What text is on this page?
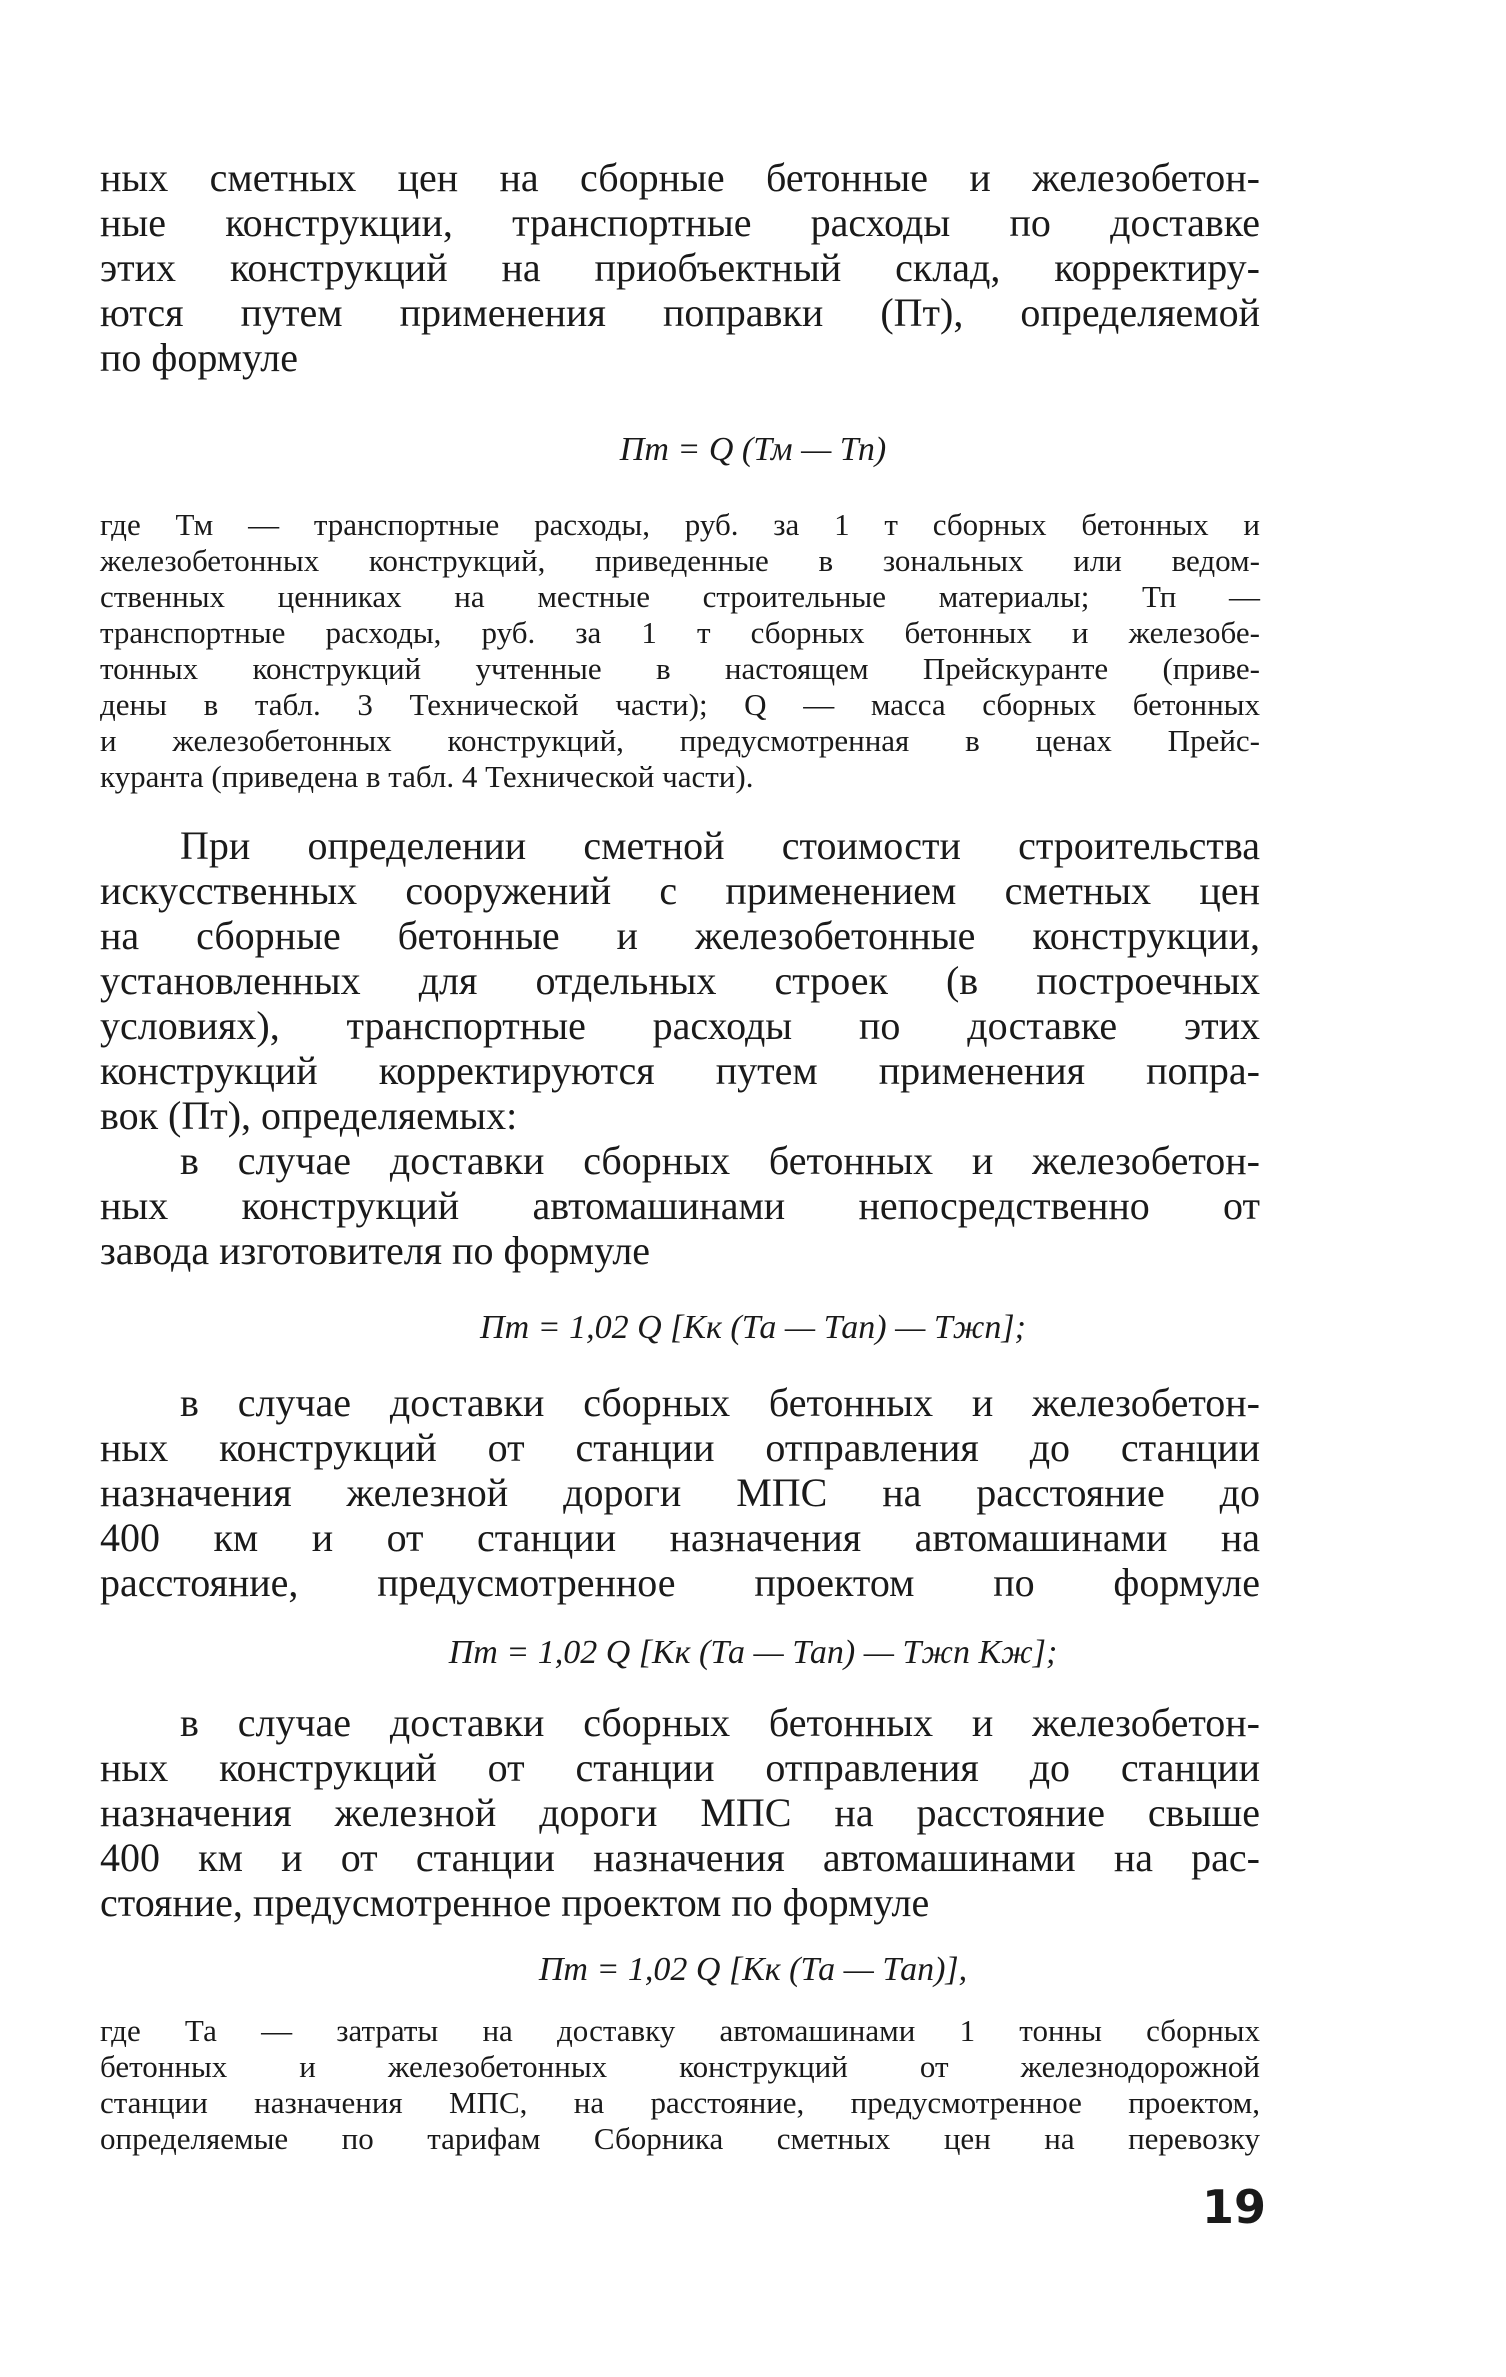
ных сметных цен на сборные бетонные и железобетон-
ные конструкции, транспортные расходы по доставке
этих конструкций на приобъектный склад, корректиру-
ются путем применения поправки (Пт), определяемой
по формуле
Пт = Q (Тм — Тп)
где Тм — транспортные расходы, руб. за 1 т сборных бетонных и
железобетонных конструкций, приведенные в зональных или ведом-
ственных ценниках на местные строительные материалы; Тп —
транспортные расходы, руб. за 1 т сборных бетонных и железобе-
тонных конструкций учтенные в настоящем Прейскуранте (приве-
дены в табл. 3 Технической части); Q — масса сборных бетонных
и железобетонных конструкций, предусмотренная в ценах Прейс-
куранта (приведена в табл. 4 Технической части).
При определении сметной стоимости строительства
искусственных сооружений с применением сметных цен
на сборные бетонные и железобетонные конструкции,
установленных для отдельных строек (в построечных
условиях), транспортные расходы по доставке этих
конструкций корректируются путем применения попра-
вок (Пт), определяемых:
в случае доставки сборных бетонных и железобетон-
ных конструкций автомашинами непосредственно от
завода изготовителя по формуле
Пт = 1,02 Q [Кк (Та — Тап) — Тжп];
в случае доставки сборных бетонных и железобетон-
ных конструкций от станции отправления до станции
назначения железной дороги МПС на расстояние до
400 км и от станции назначения автомашинами на
расстояние, предусмотренное проектом по формуле
Пт = 1,02 Q [Кк (Та — Тап) — Тжп Кж];
в случае доставки сборных бетонных и железобетон-
ных конструкций от станции отправления до станции
назначения железной дороги МПС на расстояние свыше
400 км и от станции назначения автомашинами на рас-
стояние, предусмотренное проектом по формуле
Пт = 1,02 Q [Кк (Та — Тап)],
где Та — затраты на доставку автомашинами 1 тонны сборных
бетонных и железобетонных конструкций от железнодорожной
станции назначения МПС, на расстояние, предусмотренное проектом,
определяемые по тарифам Сборника сметных цен на перевозку
19
